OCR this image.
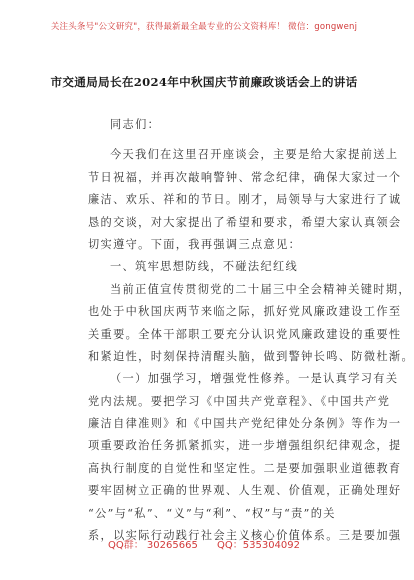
关注头条号"公文研究"，获得最新最全最专业的公文资料库！ 微信：gongwenj
市交通局局长在2024年中秋国庆节前廉政谈话会上的讲话
同志们：
今天我们在这里召开座谈会，主要是给大家提前送上
节日祝福，并再次敲响警钟、常念纪律，确保大家过一个
廉洁、欢乐、祥和的节日。刚才，局领导与大家进行了诚
恳的交谈，对大家提出了希望和要求，希望大家认真领会
切实遵守。下面，我再强调三点意见：
一、筑牢思想防线，不碰法纪红线
当前正值宣传贯彻党的二十届三中全会精神关键时期，
也处于中秋国庆两节来临之际，抓好党风廉政建设工作至
关重要。全体干部职工要充分认识党风廉政建设的重要性
和紧迫性，时刻保持清醒头脑，做到警钟长鸣、防微杜渐。
（一）加强学习，增强党性修养。一是认真学习有关
党内法规。要把学习《中国共产党章程》、《中国共产党
廉洁自律准则》和《中国共产党纪律处分条例》等作为一
项重要政治任务抓紧抓实，进一步增强组织纪律观念，提
高执行制度的自觉性和坚定性。二是要加强职业道德教育
要牢固树立正确的世界观、人生观、价值观，正确处理好
“公”与“私”、“义”与“利”、“权”与“责”的关
系，以实际行动践行社会主义核心价值体系。三是要加强
QQ群： 30265665 QQ：535304092
